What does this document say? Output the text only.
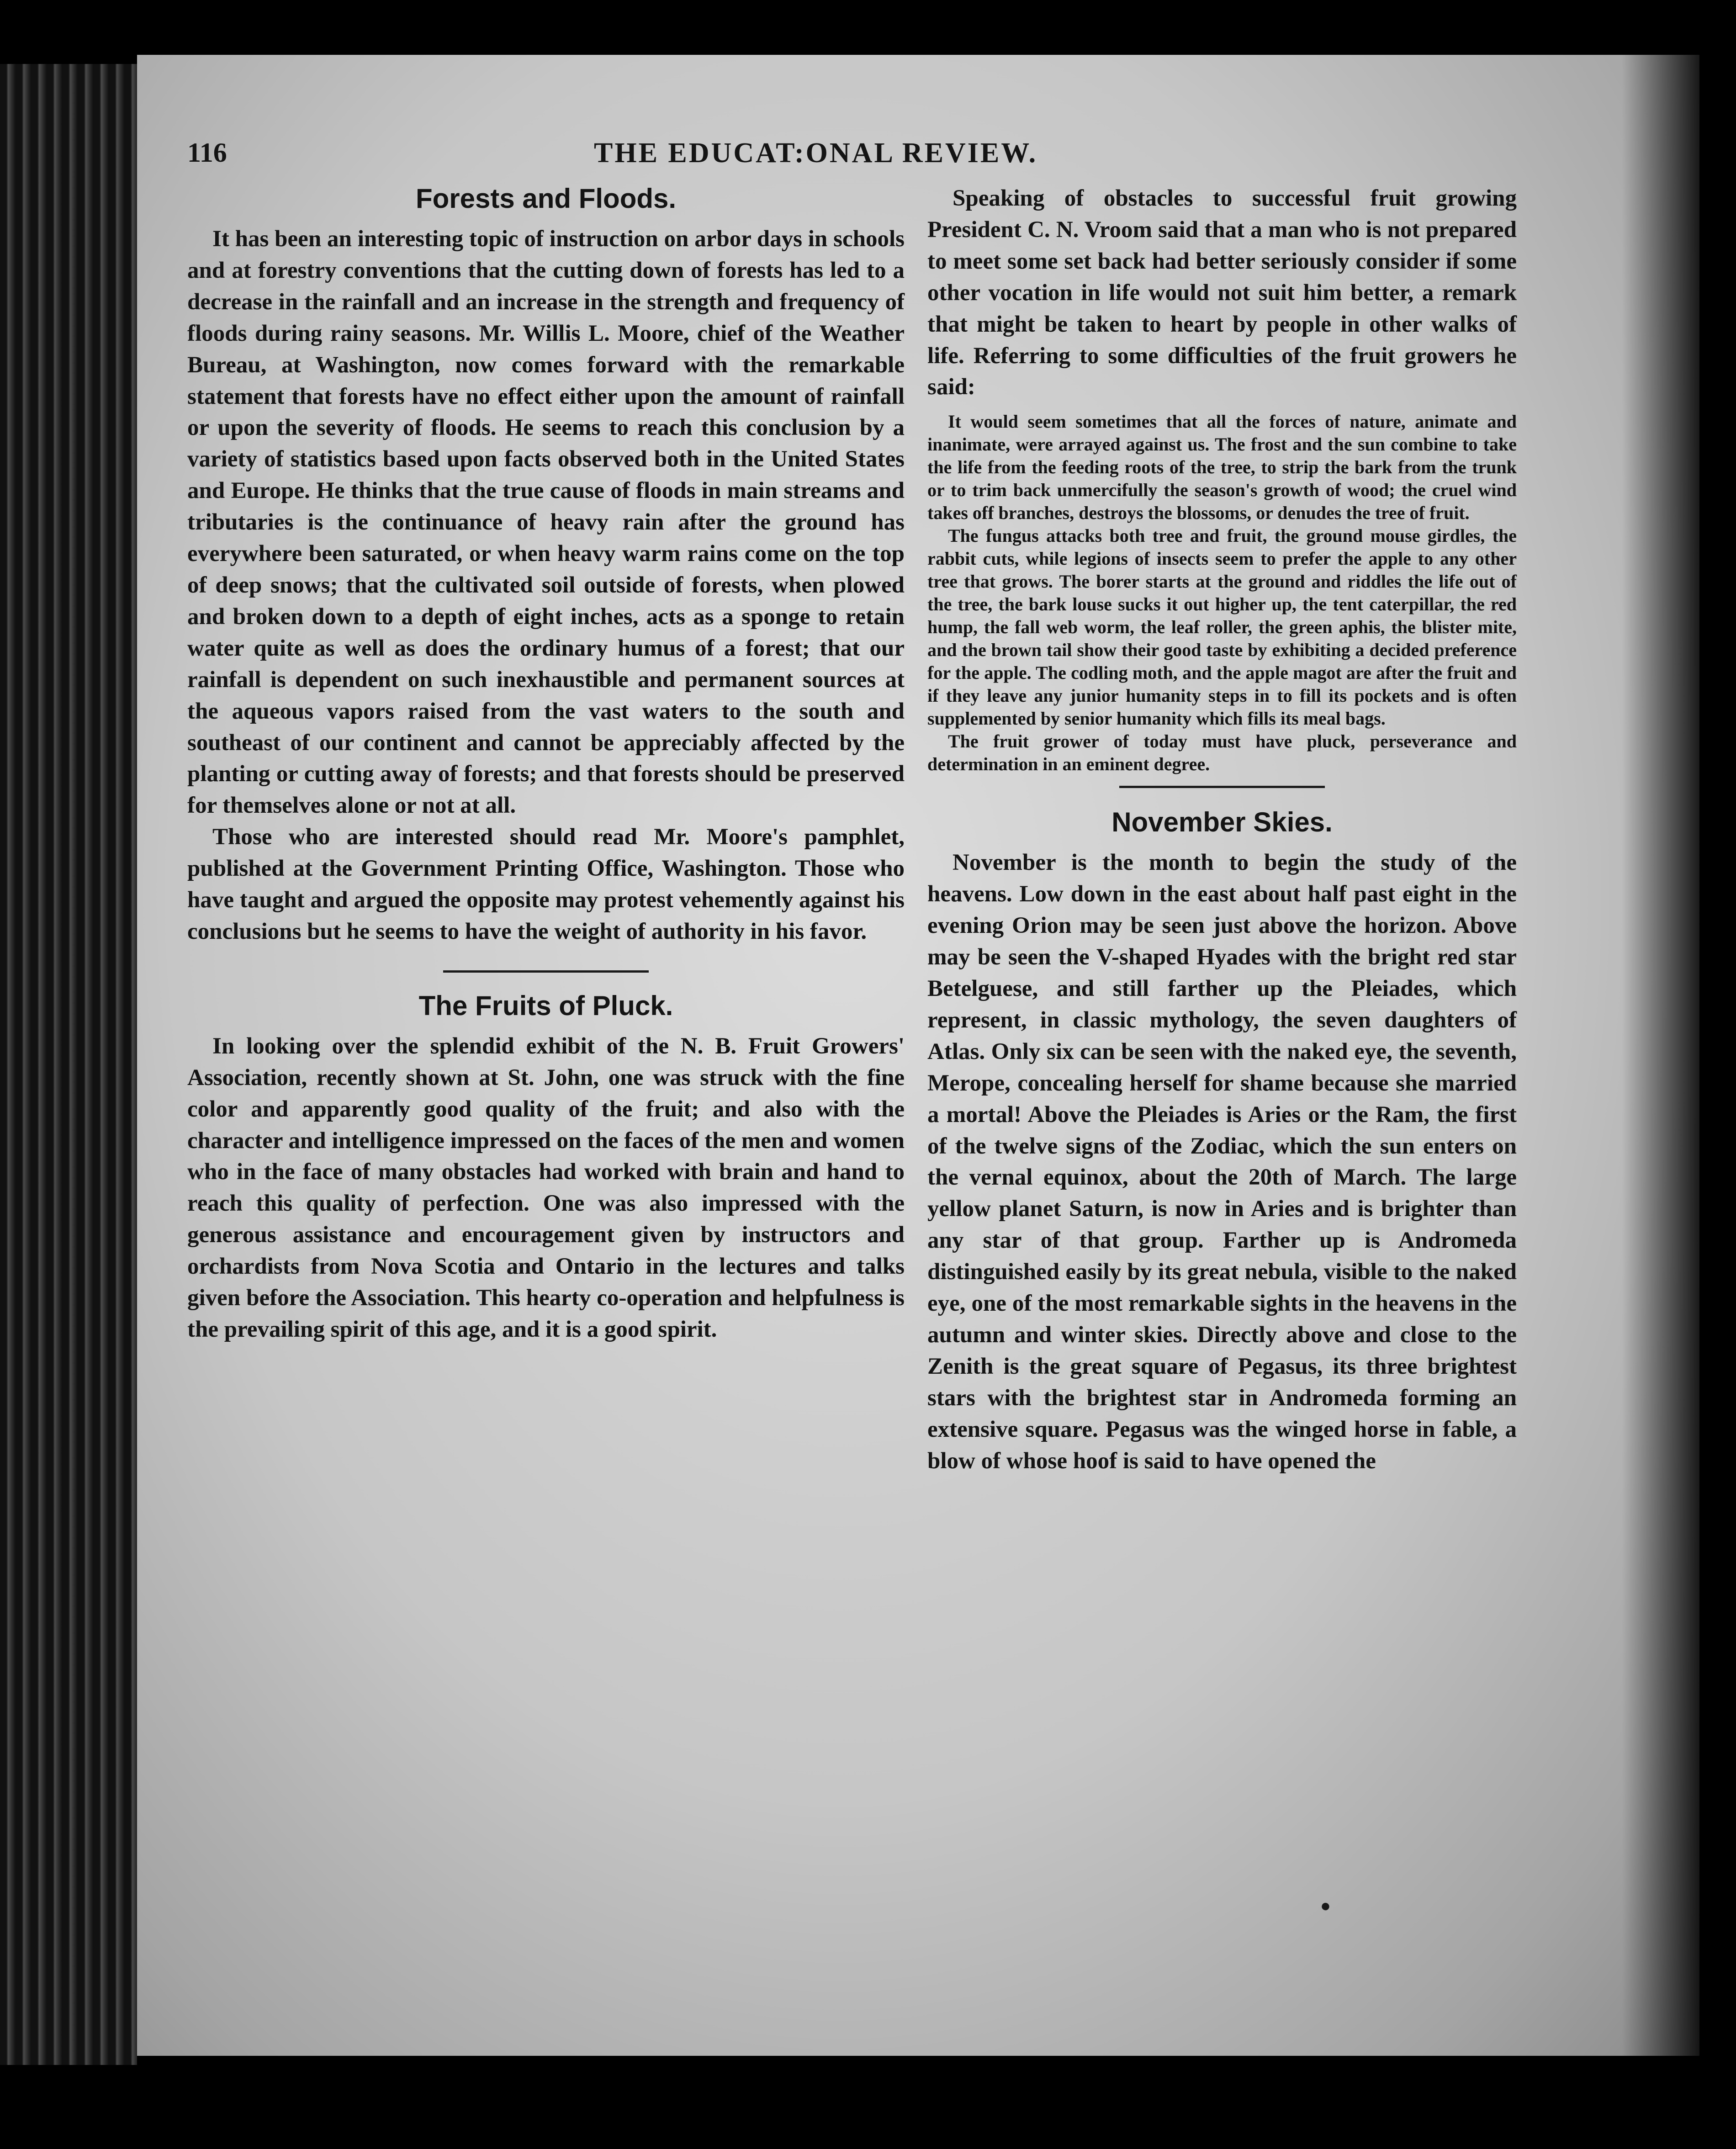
116	THE EDUCAT:ONAL REVIEW.
Forests and Floods.

It has been an interesting topic of instruction on arbor days in schools and at forestry conventions that the cutting down of forests has led to a decrease in the rainfall and an increase in the strength and frequency of floods during rainy seasons. Mr. Willis L. Moore, chief of the Weather Bureau, at Washington, now comes forward with the remarkable statement that forests have no effect either upon the amount of rainfall or upon the severity of floods. He seems to reach this conclusion by a variety of statistics based upon facts observed both in the United States and Europe. He thinks that the true cause of floods in main streams and tributaries is the continuance of heavy rain after the ground has everywhere been saturated, or when heavy warm rains come on the top of deep snows; that the cultivated soil outside of forests, when plowed and broken down to a depth of eight inches, acts as a sponge to retain water quite as well as does the ordinary humus of a forest; that our rainfall is dependent on such inexhaustible and permanent sources at the aqueous vapors raised from the vast waters to the south and southeast of our continent and cannot be appreciably affected by the planting or cutting away of forests; and that forests should be preserved for themselves alone or not at all.

Those who are interested should read Mr. Moore's pamphlet, published at the Government Printing Office, Washington. Those who have taught and argued the opposite may protest vehemently against his conclusions but he seems to have the weight of authority in his favor.

The Fruits of Pluck.

In looking over the splendid exhibit of the N. B. Fruit Growers' Association, recently shown at St. John, one was struck with the fine color and apparently good quality of the fruit; and also with the character and intelligence impressed on the faces of the men and women who in the face of many obstacles had worked with brain and hand to reach this quality of perfection. One was also impressed with the generous assistance and encouragement given by instructors and orchardists from Nova Scotia and Ontario in the lectures and talks given before the Association. This hearty co-operation and helpfulness is the prevailing spirit of this age, and it is a good spirit.

Speaking of obstacles to successful fruit growing President C. N. Vroom said that a man who is not prepared to meet some set back had better seriously consider if some other vocation in life would not suit him better, a remark that might be taken to heart by people in other walks of life. Referring to some difficulties of the fruit growers he said:

It would seem sometimes that all the forces of nature, animate and inanimate, were arrayed against us. The frost and the sun combine to take the life from the feeding roots of the tree, to strip the bark from the trunk or to trim back unmercifully the season's growth of wood; the cruel wind takes off branches, destroys the blossoms, or denudes the tree of fruit.

The fungus attacks both tree and fruit, the ground mouse girdles, the rabbit cuts, while legions of insects seem to prefer the apple to any other tree that grows. The borer starts at the ground and riddles the life out of the tree, the bark louse sucks it out higher up, the tent caterpillar, the red hump, the fall web worm, the leaf roller, the green aphis, the blister mite, and the brown tail show their good taste by exhibiting a decided preference for the apple. The codling moth, and the apple magot are after the fruit and if they leave any junior humanity steps in to fill its pockets and is often supplemented by senior humanity which fills its meal bags.

The fruit grower of today must have pluck, perseverance and determination in an eminent degree.

November Skies.

November is the month to begin the study of the heavens. Low down in the east about half past eight in the evening Orion may be seen just above the horizon. Above may be seen the V-shaped Hyades with the bright red star Betelguese, and still farther up the Pleiades, which represent, in classic mythology, the seven daughters of Atlas. Only six can be seen with the naked eye, the seventh, Merope, concealing herself for shame because she married a mortal! Above the Pleiades is Aries or the Ram, the first of the twelve signs of the Zodiac, which the sun enters on the vernal equinox, about the 20th of March. The large yellow planet Saturn, is now in Aries and is brighter than any star of that group. Farther up is Andromeda distinguished easily by its great nebula, visible to the naked eye, one of the most remarkable sights in the heavens in the autumn and winter skies. Directly above and close to the Zenith is the great square of Pegasus, its three brightest stars with the brightest star in Andromeda forming an extensive square. Pegasus was the winged horse in fable, a blow of whose hoof is said to have opened the

●
